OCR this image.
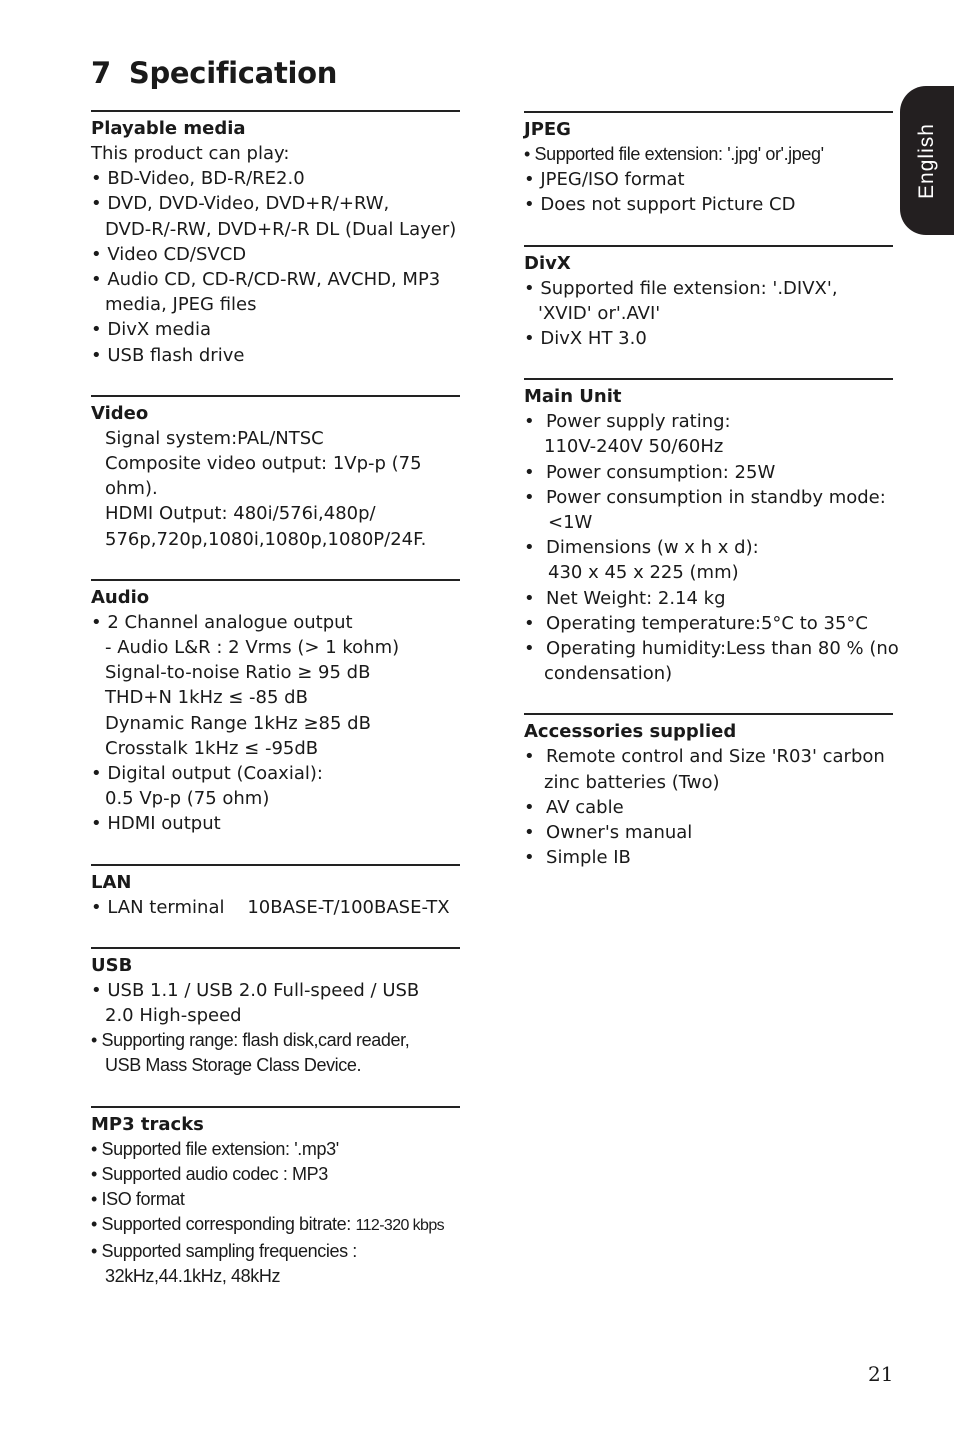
7 Specification
English
Playable media
This product can play:
• BD-Video, BD-R/RE2.0
• DVD, DVD-Video, DVD+R/+RW,
DVD-R/-RW, DVD+R/-R DL (Dual Layer)
• Video CD/SVCD
• Audio CD, CD-R/CD-RW, AVCHD, MP3
media, JPEG files
• DivX media
• USB flash drive
Video
Signal system:PAL/NTSC
Composite video output: 1Vp-p (75
ohm).
HDMI Output: 480i/576i,480p/
576p,720p,1080i,1080p,1080P/24F.
Audio
• 2 Channel analogue output
- Audio L&R : 2 Vrms (> 1 kohm)
Signal-to-noise Ratio ≥ 95 dB
THD+N 1kHz ≤ -85 dB
Dynamic Range 1kHz ≥85 dB
Crosstalk 1kHz ≤ -95dB
• Digital output (Coaxial):
0.5 Vp-p (75 ohm)
• HDMI output
LAN
• LAN terminal    10BASE-T/100BASE-TX
USB
• USB 1.1 / USB 2.0 Full-speed / USB
2.0 High-speed
• Supporting range: flash disk,card reader,
USB Mass Storage Class Device.
MP3 tracks
• Supported file extension: '.mp3'
• Supported audio codec : MP3
• ISO format
• Supported corresponding bitrate: 112-320 kbps
• Supported sampling frequencies :
32kHz,44.1kHz, 48kHz
JPEG
• Supported file extension: '.jpg' or'.jpeg'
• JPEG/ISO format
• Does not support Picture CD
DivX
• Supported file extension: '.DIVX',
'XVID' or'.AVI'
• DivX HT 3.0
Main Unit
•  Power supply rating:
110V-240V 50/60Hz
•  Power consumption: 25W
•  Power consumption in standby mode:
<1W
•  Dimensions (w x h x d):
430 x 45 x 225 (mm)
•  Net Weight: 2.14 kg
•  Operating temperature:5°C to 35°C
•  Operating humidity:Less than 80 % (no
condensation)
Accessories supplied
•  Remote control and Size 'R03' carbon
zinc batteries (Two)
•  AV cable
•  Owner's manual
•  Simple IB
21
